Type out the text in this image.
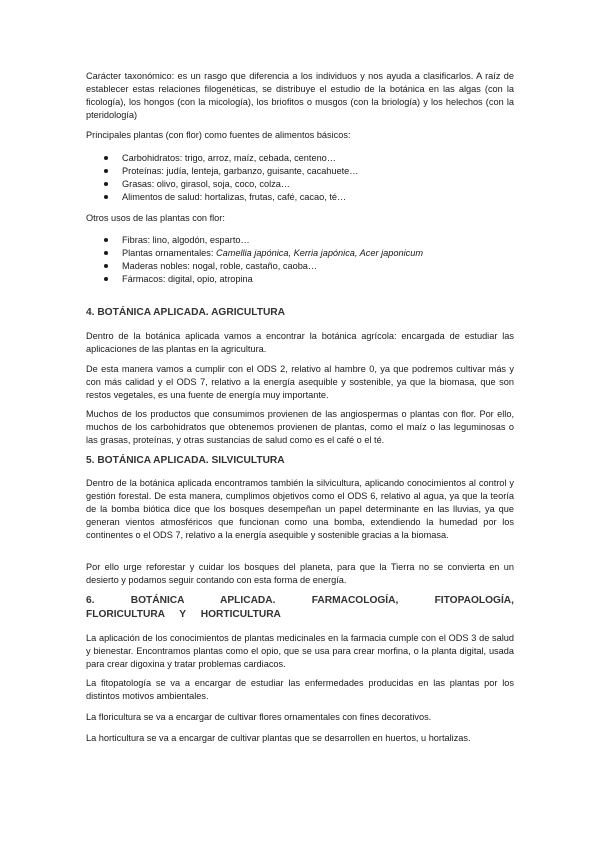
Carácter taxonómico: es un rasgo que diferencia a los individuos y nos ayuda a clasificarlos. A raíz de establecer estas relaciones filogenéticas, se distribuye el estudio de la botánica en las algas (con la ficología), los hongos (con la micología), los briofitos o musgos (con la briología) y los helechos (con la pteridología)

Principales plantas (con flor) como fuentes de alimentos básicos:

Carbohidratos: trigo, arroz, maíz, cebada, centeno…
Proteínas: judía, lenteja, garbanzo, guisante, cacahuete…
Grasas: olivo, girasol, soja, coco, colza…
Alimentos de salud: hortalizas, frutas, café, cacao, té…

Otros usos de las plantas con flor:

Fibras: lino, algodón, esparto…
Plantas ornamentales: Camellia japónica, Kerria japónica, Acer japonicum
Maderas nobles: nogal, roble, castaño, caoba…
Fármacos: digital, opio, atropina
4. BOTÁNICA APLICADA. AGRICULTURA

Dentro de la botánica aplicada vamos a encontrar la botánica agrícola: encargada de estudiar las aplicaciones de las plantas en la agricultura.

De esta manera vamos a cumplir con el ODS 2, relativo al hambre 0, ya que podremos cultivar más y con más calidad y el ODS 7, relativo a la energía asequible y sostenible, ya que la biomasa, que son restos vegetales, es una fuente de energía muy importante.

Muchos de los productos que consumimos provienen de las angiospermas o plantas con flor. Por ello, muchos de los carbohidratos que obtenemos provienen de plantas, como el maíz o las leguminosas o las grasas, proteínas, y otras sustancias de salud como es el café o el té.

5. BOTÁNICA APLICADA. SILVICULTURA

Dentro de la botánica aplicada encontramos también la silvicultura, aplicando conocimientos al control y gestión forestal. De esta manera, cumplimos objetivos como el ODS 6, relativo al agua, ya que la teoría de la bomba biótica dice que los bosques desempeñan un papel determinante en las lluvias, ya que generan vientos atmosféricos que funcionan como una bomba, extendiendo la humedad por los continentes o el ODS 7, relativo a la energía asequible y sostenible gracias a la biomasa.

Por ello urge reforestar y cuidar los bosques del planeta, para que la Tierra no se convierta en un desierto y podamos seguir contando con esta forma de energía.

6. BOTÁNICA APLICADA. FARMACOLOGÍA, FITOPAOLOGÍA, FLORICULTURA Y HORTICULTURA

La aplicación de los conocimientos de plantas medicinales en la farmacia cumple con el ODS 3 de salud y bienestar. Encontramos plantas como el opio, que se usa para crear morfina, o la planta digital, usada para crear digoxina y tratar problemas cardiacos.

La fitopatología se va a encargar de estudiar las enfermedades producidas en las plantas por los distintos motivos ambientales.

La floricultura se va a encargar de cultivar flores ornamentales con fines decorativos.

La horticultura se va a encargar de cultivar plantas que se desarrollen en huertos, u hortalizas.
